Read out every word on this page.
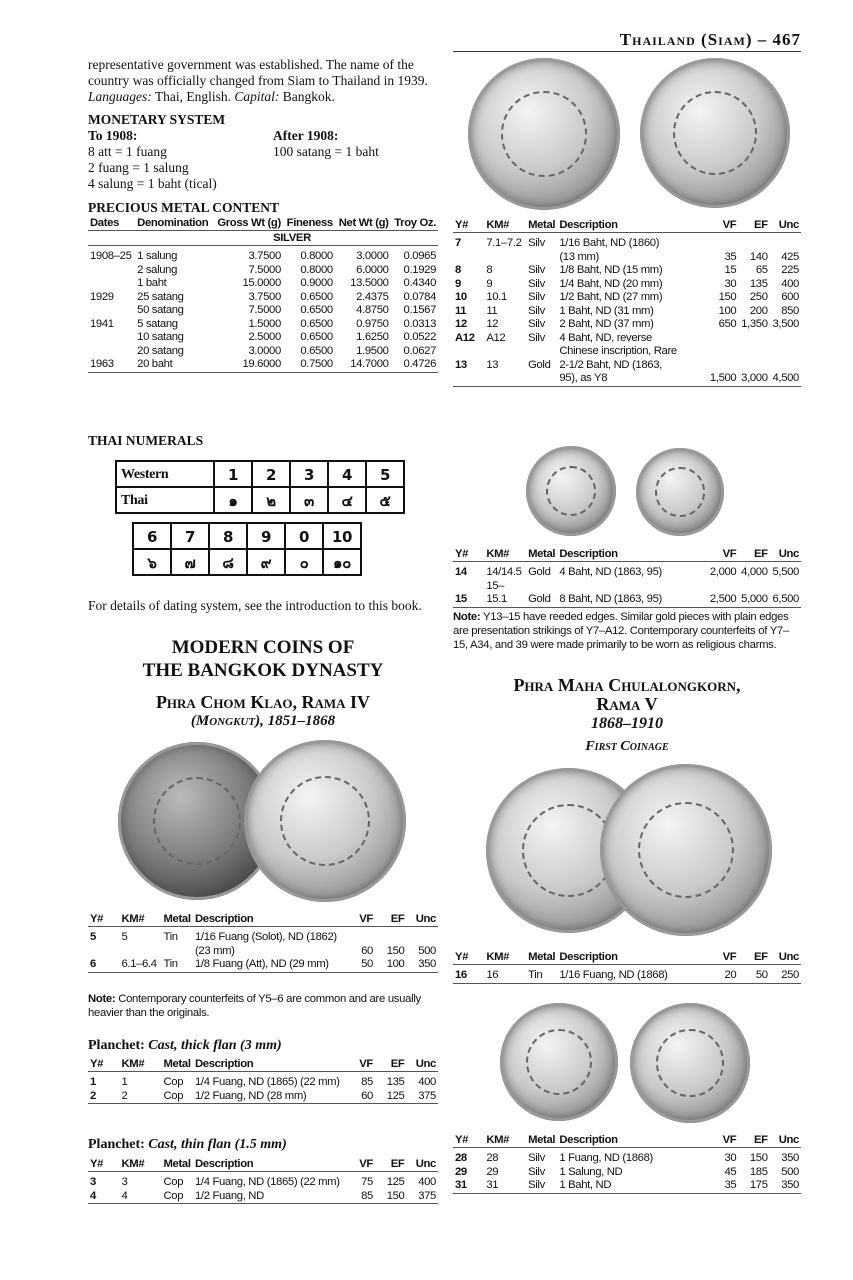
Thailand (Siam) – 467
representative government was established. The name of the country was officially changed from Siam to Thailand in 1939. Languages: Thai, English. Capital: Bangkok.
MONETARY SYSTEM
To 1908:
8 att = 1 fuang
2 fuang = 1 salung
4 salung = 1 baht (tical)
After 1908:
100 satang = 1 baht
PRECIOUS METAL CONTENT
Dates	Denomination	Gross Wt (g)	Fineness	Net Wt (g)	Troy Oz.
SILVER					
1908–25	1 salung	3.7500	0.8000	3.0000	0.0965
	2 salung	7.5000	0.8000	6.0000	0.1929
	1 baht	15.0000	0.9000	13.5000	0.4340
1929	25 satang	3.7500	0.6500	2.4375	0.0784
	50 satang	7.5000	0.6500	4.8750	0.1567
1941	5 satang	1.5000	0.6500	0.9750	0.0313
	10 satang	2.5000	0.6500	1.6250	0.0522
	20 satang	3.0000	0.6500	1.9500	0.0627
1963	20 baht	19.6000	0.7500	14.7000	0.4726
THAI NUMERALS
Western	1	2	3	4	5
Thai	๑	๒	๓	๔	๕
6	7	8	9	0	10
๖	๗	๘	๙	๐	๑๐
For details of dating system, see the introduction to this book.
MODERN COINS OF
THE BANGKOK DYNASTY
Phra Chom Klao, Rama IV
(Mongkut), 1851–1868
Y#	KM#	Metal	Description	VF	EF	Unc
5	5	Tin	1/16 Fuang (Solot), ND (1862)			
			(23 mm)	60	150	500
6	6.1–6.4	Tin	1/8 Fuang (Att), ND (29 mm)	50	100	350
Note: Contemporary counterfeits of Y5–6 are common and are usually heavier than the originals.
Planchet: Cast, thick flan (3 mm)
Y#	KM#	Metal	Description	VF	EF	Unc
1	1	Cop	1/4 Fuang, ND (1865) (22 mm)	85	135	400
2	2	Cop	1/2 Fuang, ND (28 mm)	60	125	375
Planchet: Cast, thin flan (1.5 mm)
Y#	KM#	Metal	Description	VF	EF	Unc
3	3	Cop	1/4 Fuang, ND (1865) (22 mm)	75	125	400
4	4	Cop	1/2 Fuang, ND	85	150	375
Y#	KM#	Metal	Description	VF	EF	Unc
7	7.1–7.2	Silv	1/16 Baht, ND (1860)			
			(13 mm)	35	140	425
8	8	Silv	1/8 Baht, ND (15 mm)	15	65	225
9	9	Silv	1/4 Baht, ND (20 mm)	30	135	400
10	10.1	Silv	1/2 Baht, ND (27 mm)	150	250	600
11	11	Silv	1 Baht, ND (31 mm)	100	200	850
12	12	Silv	2 Baht, ND (37 mm)	650	1,350	3,500
A12	A12	Silv	4 Baht, ND, reverse			
			Chinese inscription, Rare			
13	13	Gold	2-1/2 Baht, ND (1863,			
			95), as Y8	1,500	3,000	4,500
Y#	KM#	Metal	Description	VF	EF	Unc
14	14/14.5	Gold	4 Baht, ND (1863, 95)	2,000	4,000	5,500
15	15–15.1	Gold	8 Baht, ND (1863, 95)	2,500	5,000	6,500
Note: Y13–15 have reeded edges. Similar gold pieces with plain edges are presentation strikings of Y7–A12. Contemporary counterfeits of Y7–15, A34, and 39 were made primarily to be worn as religious charms.
Phra Maha Chulalongkorn,
Rama V
1868–1910
First Coinage
Y#	KM#	Metal	Description	VF	EF	Unc
16	16	Tin	1/16 Fuang, ND (1868)	20	50	250
Y#	KM#	Metal	Description	VF	EF	Unc
28	28	Silv	1 Fuang, ND (1868)	30	150	350
29	29	Silv	1 Salung, ND	45	185	500
31	31	Silv	1 Baht, ND	35	175	350
